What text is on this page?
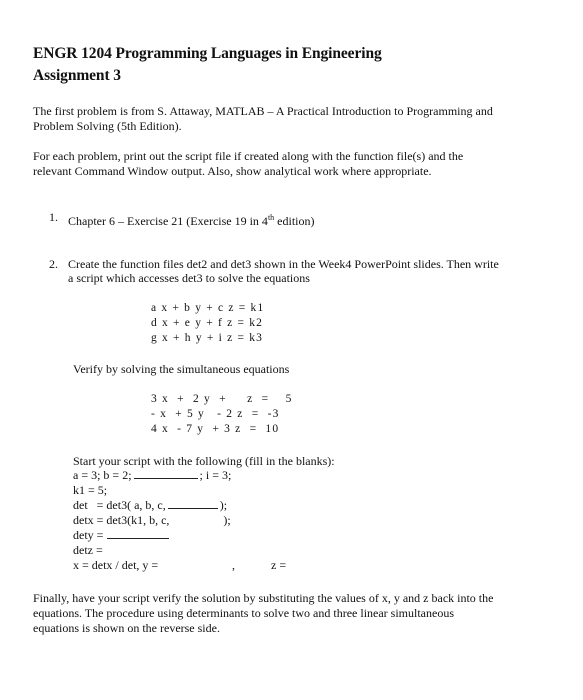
ENGR 1204 Programming Languages in Engineering
Assignment 3
The first problem is from S. Attaway, MATLAB – A Practical Introduction to Programming and
Problem Solving (5th Edition).
For each problem, print out the script file if created along with the function file(s) and the
relevant Command Window output. Also, show analytical work where appropriate.
1. Chapter 6 – Exercise 21 (Exercise 19 in 4th edition)
2. Create the function files det2 and det3 shown in the Week4 PowerPoint slides. Then write
a script which accesses det3 to solve the equations
a x + b y + c z = k1
d x + e y + f z = k2
g x + h y + i z = k3
Verify by solving the simultaneous equations
3 x  +  2 y  +     z  =    5
- x  + 5 y   - 2 z  =  -3
4 x  - 7 y  + 3 z  =  10
Start your script with the following (fill in the blanks):
a = 3; b = 2;	; i = 3;
k1 = 5;
det   = det3( a, b, c,	);
detx = det3(k1, b, c,	);
dety =
detz =
x = detx / det, y =	,	z =
Finally, have your script verify the solution by substituting the values of x, y and z back into the
equations. The procedure using determinants to solve two and three linear simultaneous
equations is shown on the reverse side.
